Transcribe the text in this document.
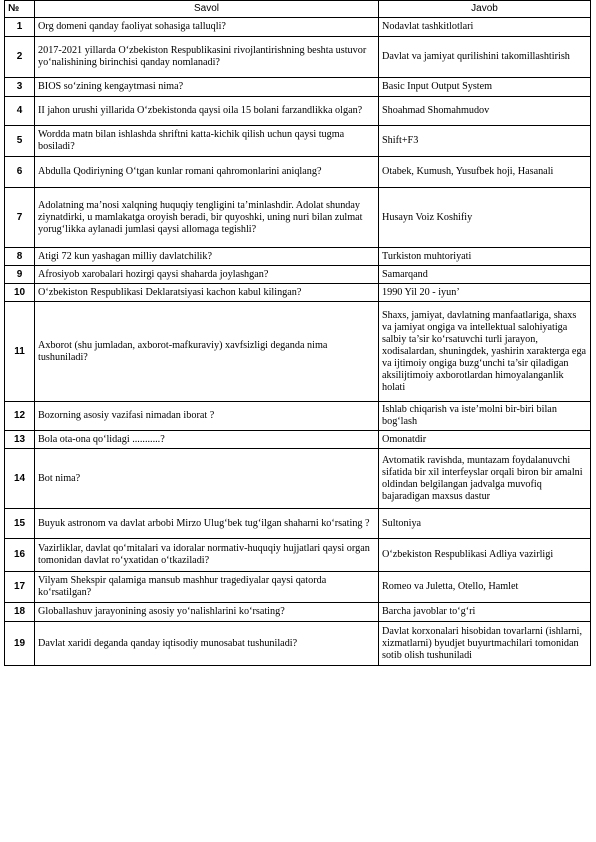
№	Savol	Javob
1	Org domeni qanday faoliyat sohasiga talluqli?	Nodavlat tashkitlotlari
2	2017-2021 yillarda O‘zbekiston Respublikasini rivojlantirishning beshta ustuvor yo‘nalishining birinchisi qanday nomlanadi?	Davlat va jamiyat qurilishini takomillashtirish
3	BIOS so‘zining kengaytmasi nima?	Basic Input Output System
4	II jahon urushi yillarida O‘zbekistonda qaysi oila 15 bolani farzandlikka olgan?	Shoahmad Shomahmudov
5	Wordda matn bilan ishlashda shriftni katta-kichik qilish uchun qaysi tugma bosiladi?	Shift+F3
6	Abdulla Qodiriyning O‘tgan kunlar romani qahromonlarini aniqlang?	Otabek, Kumush, Yusufbek hoji, Hasanali
7	Adolatning ma’nosi xalqning huquqiy tengligini ta’minlashdir. Adolat shunday ziynatdirki, u mamlakatga oroyish beradi, bir quyoshki, uning nuri bilan zulmat yorug‘likka aylanadi jumlasi qaysi allomaga tegishli?	Husayn Voiz Koshifiy
8	Atigi 72 kun yashagan milliy davlatchilik?	Turkiston muhtoriyati
9	Afrosiyob xarobalari hozirgi qaysi shaharda joylashgan?	Samarqand
10	O‘zbekiston Respublikasi Deklaratsiyasi kachon kabul kilingan?	1990 Yil 20 - iyun’
11	Axborot (shu jumladan, axborot-mafkuraviy) xavfsizligi deganda nima tushuniladi?	Shaxs, jamiyat, davlatning manfaatlariga, shaxs va jamiyat ongiga va intellektual salohiyatiga salbiy ta’sir ko‘rsatuvchi turli jarayon, xodisalardan, shuningdek, yashirin xarakterga ega va ijtimoiy ongiga buzg‘unchi ta’sir qiladigan aksilijtimoiy axborotlardan himoyalanganlik holati
12	Bozorning asosiy vazifasi nimadan iborat ?	Ishlab chiqarish va iste’molni bir-biri bilan bog‘lash
13	Bola ota-ona qo‘lidagi ...........?	Omonatdir
14	Bot nima?	Avtomatik ravishda, muntazam foydalanuvchi sifatida bir xil interfeyslar orqali biron bir amalni oldindan belgilangan jadvalga muvofiq bajaradigan maxsus dastur
15	Buyuk astronom va davlat arbobi Mirzo Ulug‘bek tug‘ilgan shaharni ko‘rsating ?	Sultoniya
16	Vazirliklar, davlat qo‘mitalari va idoralar normativ-huquqiy hujjatlari qaysi organ tomonidan davlat ro‘yxatidan o‘tkaziladi?	O‘zbekiston Respublikasi Adliya vazirligi
17	Vilyam Shekspir qalamiga mansub mashhur tragediyalar qaysi qatorda ko‘rsatilgan?	Romeo va Juletta, Otello, Hamlet
18	Globallashuv jarayonining asosiy yo‘nalishlarini ko‘rsating?	Barcha javoblar to‘g‘ri
19	Davlat xaridi deganda qanday iqtisodiy munosabat tushuniladi?	Davlat korxonalari hisobidan tovarlarni (ishlarni, xizmatlarni) byudjet buyurtmachilari tomonidan sotib olish tushuniladi
